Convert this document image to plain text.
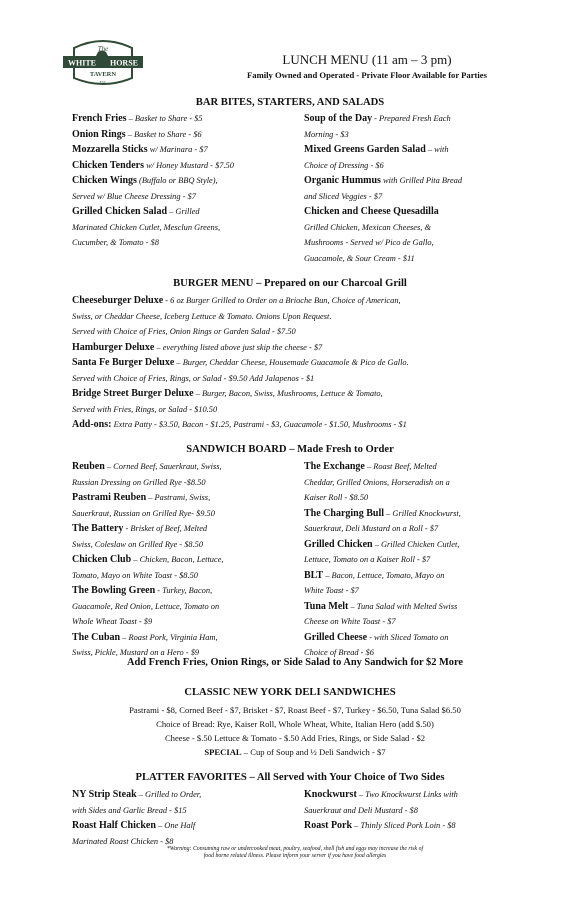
The
WHITE HORSE
TAVERN
EST.
LUNCH MENU (11 am – 3 pm)
Family Owned and Operated - Private Floor Available for Parties
BAR BITES, STARTERS, AND SALADS
French Fries – Basket to Share - $5
Onion Rings – Basket to Share - $6
Mozzarella Sticks w/ Marinara - $7
Chicken Tenders w/ Honey Mustard - $7.50
Chicken Wings (Buffalo or BBQ Style),
Served w/ Blue Cheese Dressing - $7
Grilled Chicken Salad – Grilled
Marinated Chicken Cutlet, Mesclun Greens,
Cucumber, & Tomato - $8
Soup of the Day - Prepared Fresh Each
Morning - $3
Mixed Greens Garden Salad – with
Choice of Dressing - $6
Organic Hummus with Grilled Pita Bread
and Sliced Veggies - $7
Chicken and Cheese Quesadilla
Grilled Chicken, Mexican Cheeses, &
Mushrooms - Served w/ Pico de Gallo,
Guacamole, & Sour Cream - $11
BURGER MENU – Prepared on our Charcoal Grill
Cheeseburger Deluxe - 6 oz Burger Grilled to Order on a Brioche Bun, Choice of American,
Swiss, or Cheddar Cheese, Iceberg Lettuce & Tomato. Onions Upon Request.
Served with Choice of Fries, Onion Rings or Garden Salad - $7.50
Hamburger Deluxe – everything listed above just skip the cheese - $7
Santa Fe Burger Deluxe – Burger, Cheddar Cheese, Housemade Guacamole & Pico de Gallo.
Served with Choice of Fries, Rings, or Salad - $9.50 Add Jalapenos - $1
Bridge Street Burger Deluxe – Burger, Bacon, Swiss, Mushrooms, Lettuce & Tomato,
Served with Fries, Rings, or Salad - $10.50
Add-ons: Extra Patty - $3.50, Bacon - $1.25, Pastrami - $3, Guacamole - $1.50, Mushrooms - $1
SANDWICH BOARD – Made Fresh to Order
Reuben – Corned Beef, Sauerkraut, Swiss,
Russian Dressing on Grilled Rye -$8.50
Pastrami Reuben – Pastrami, Swiss,
Sauerkraut, Russian on Grilled Rye- $9.50
The Battery - Brisket of Beef, Melted
Swiss, Coleslaw on Grilled Rye - $8.50
Chicken Club – Chicken, Bacon, Lettuce,
Tomato, Mayo on White Toast - $8.50
The Bowling Green - Turkey, Bacon,
Guacamole, Red Onion, Lettuce, Tomato on
Whole Wheat Toast - $9
The Cuban – Roast Pork, Virginia Ham,
Swiss, Pickle, Mustard on a Hero - $9
The Exchange – Roast Beef, Melted
Cheddar, Grilled Onions, Horseradish on a
Kaiser Roll - $8.50
The Charging Bull – Grilled Knockwurst,
Sauerkraut, Deli Mustard on a Roll - $7
Grilled Chicken – Grilled Chicken Cutlet,
Lettuce, Tomato on a Kaiser Roll - $7
BLT – Bacon, Lettuce, Tomato, Mayo on
White Toast - $7
Tuna Melt – Tuna Salad with Melted Swiss
Cheese on White Toast - $7
Grilled Cheese - with Sliced Tomato on
Choice of Bread - $6
Add French Fries, Onion Rings, or Side Salad to Any Sandwich for $2 More
CLASSIC NEW YORK DELI SANDWICHES
Pastrami - $8, Corned Beef - $7, Brisket - $7, Roast Beef - $7, Turkey - $6.50, Tuna Salad $6.50
Choice of Bread: Rye, Kaiser Roll, Whole Wheat, White, Italian Hero (add $.50)
Cheese - $.50 Lettuce & Tomato - $.50 Add Fries, Rings, or Side Salad - $2
SPECIAL – Cup of Soup and ½ Deli Sandwich - $7
PLATTER FAVORITES – All Served with Your Choice of Two Sides
NY Strip Steak – Grilled to Order,
with Sides and Garlic Bread - $15
Roast Half Chicken – One Half
Marinated Roast Chicken - $8
Knockwurst – Two Knockwurst Links with
Sauerkraut and Deli Mustard - $8
Roast Pork – Thinly Sliced Pork Loin - $8
*Warning: Consuming raw or undercooked meat, poultry, seafood, shell fish and eggs may increase the risk of
food borne related illness. Please inform your server if you have food allergies
